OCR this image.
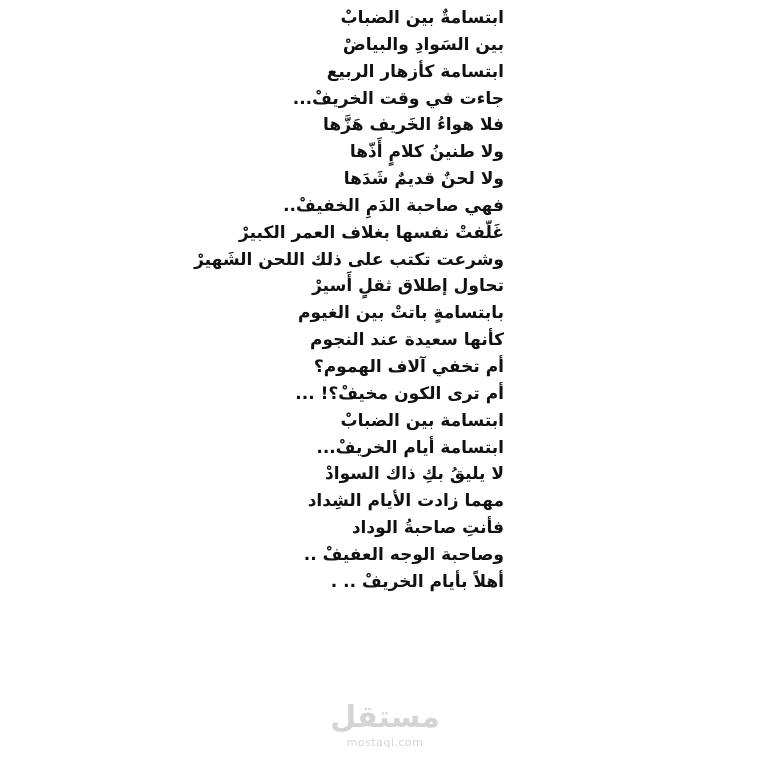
ابتسامةٌ بين الضبابْ
بين السَوادِ والبياضْ
ابتسامة كأزهار الربيع
جاءت في وقت الخريفْ...
فلا هواءُ الخَريف هَزَّها
ولا طنينُ كلامٍ أَذّها
ولا لحنٌ قديمٌ شَدَها
فهي صاحبة الدَمِ الخفيفْ..
غَلّفتْ نفسها بغلاف العمر الكبيرْ
وشرعت تكتب على ذلك اللحن الشَهيرْ
تحاول إطلاق ثقلٍ أَسيرْ
بابتسامةٍ باتتْ بين الغيوم
كأنها سعيدة عند النجوم
أم تخفي آلاف الهموم؟
أم ترى الكون مخيفْ؟! ...
ابتسامة بين الضبابْ
ابتسامة أيام الخريفْ...
لا يليقُ بكِ ذاك السوادْ
مهما زادت الأيام الشِداد
فأنتِ صاحبةُ الوداد
وصاحبة الوجه العفيفْ ..
أهلاً بأيام الخريفْ .. .
مستقل
mostaql.com
